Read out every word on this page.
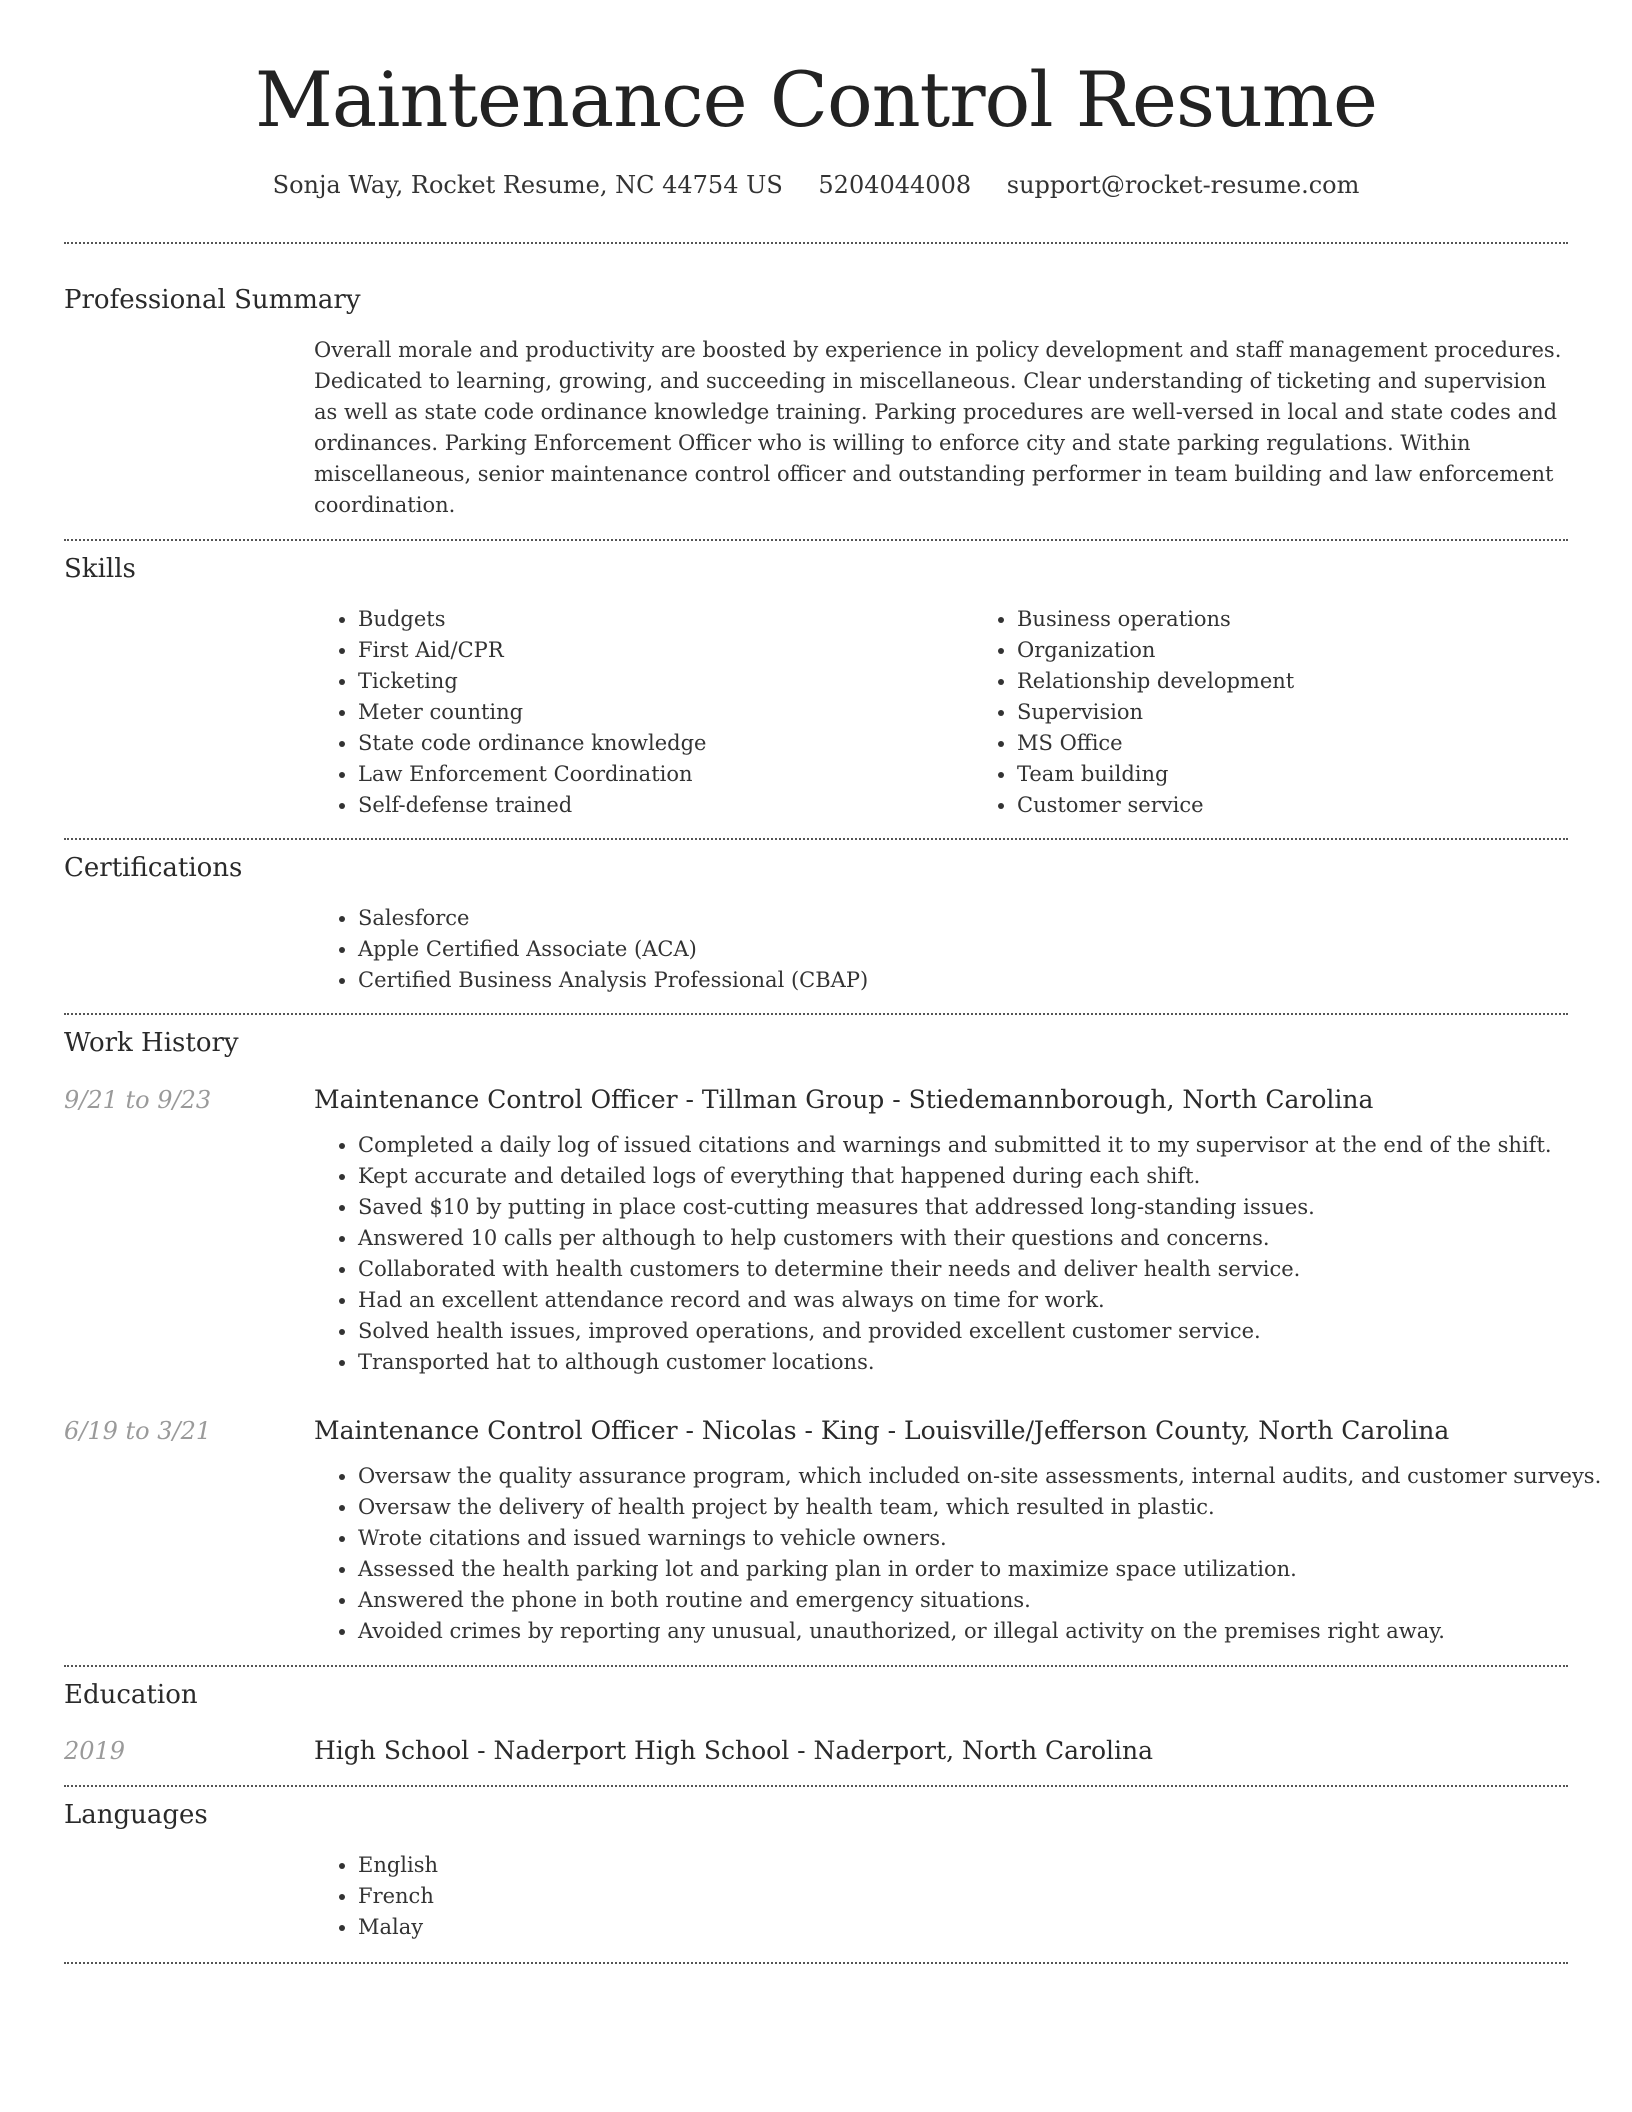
Maintenance Control Resume
Sonja Way, Rocket Resume, NC 44754 US 5204044008 support@rocket-resume.com
Professional Summary

Overall morale and productivity are boosted by experience in policy development and staff management procedures. Dedicated to learning, growing, and succeeding in miscellaneous. Clear understanding of ticketing and supervision as well as state code ordinance knowledge training. Parking procedures are well-versed in local and state codes and ordinances. Parking Enforcement Officer who is willing to enforce city and state parking regulations. Within miscellaneous, senior maintenance control officer and outstanding performer in team building and law enforcement coordination.

Skills
• Budgets
• First Aid/CPR
• Ticketing
• Meter counting
• State code ordinance knowledge
• Law Enforcement Coordination
• Self-defense trained
• Business operations
• Organization
• Relationship development
• Supervision
• MS Office
• Team building
• Customer service
Certifications
• Salesforce
• Apple Certified Associate (ACA)
• Certified Business Analysis Professional (CBAP)
Work History
9/21 to 9/23	Maintenance Control Officer - Tillman Group - Stiedemannborough, North Carolina
• Completed a daily log of issued citations and warnings and submitted it to my supervisor at the end of the shift.
• Kept accurate and detailed logs of everything that happened during each shift.
• Saved $10 by putting in place cost-cutting measures that addressed long-standing issues.
• Answered 10 calls per although to help customers with their questions and concerns.
• Collaborated with health customers to determine their needs and deliver health service.
• Had an excellent attendance record and was always on time for work.
• Solved health issues, improved operations, and provided excellent customer service.
• Transported hat to although customer locations.
6/19 to 3/21	Maintenance Control Officer - Nicolas - King - Louisville/Jefferson County, North Carolina
• Oversaw the quality assurance program, which included on-site assessments, internal audits, and customer surveys.
• Oversaw the delivery of health project by health team, which resulted in plastic.
• Wrote citations and issued warnings to vehicle owners.
• Assessed the health parking lot and parking plan in order to maximize space utilization.
• Answered the phone in both routine and emergency situations.
• Avoided crimes by reporting any unusual, unauthorized, or illegal activity on the premises right away.
Education
2019	High School - Naderport High School - Naderport, North Carolina
Languages
• English
• French
• Malay
